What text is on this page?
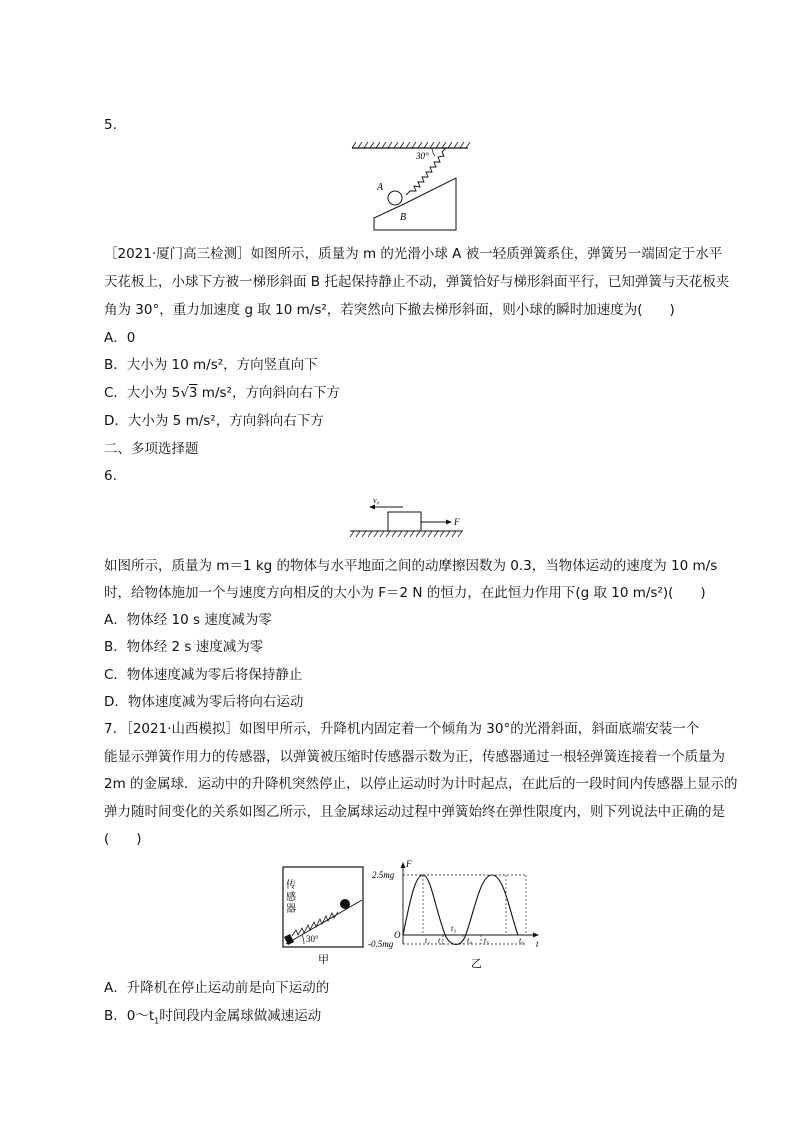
5.
30°
A
B
［2021·厦门高三检测］如图所示，质量为 m 的光滑小球 A 被一轻质弹簧系住，弹簧另一端固定于水平
天花板上，小球下方被一梯形斜面 B 托起保持静止不动，弹簧恰好与梯形斜面平行，已知弹簧与天花板夹
角为 30°，重力加速度 g 取 10 m/s²，若突然向下撤去梯形斜面，则小球的瞬时加速度为(　　)
A．0
B．大小为 10 m/s²，方向竖直向下
C．大小为 5√3 m/s²，方向斜向右下方
D．大小为 5 m/s²，方向斜向右下方
二、多项选择题
6.
v₀
F
如图所示，质量为 m＝1 kg 的物体与水平地面之间的动摩擦因数为 0.3，当物体运动的速度为 10 m/s
时，给物体施加一个与速度方向相反的大小为 F＝2 N 的恒力，在此恒力作用下(g 取 10 m/s²)(　　)
A．物体经 10 s 速度减为零
B．物体经 2 s 速度减为零
C．物体速度减为零后将保持静止
D．物体速度减为零后将向右运动
7．［2021·山西模拟］如图甲所示，升降机内固定着一个倾角为 30°的光滑斜面，斜面底端安装一个
能显示弹簧作用力的传感器，以弹簧被压缩时传感器示数为正，传感器通过一根轻弹簧连接着一个质量为
2m 的金属球．运动中的升降机突然停止，以停止运动时为计时起点，在此后的一段时间内传感器上显示的
弹力随时间变化的关系如图乙所示，且金属球运动过程中弹簧始终在弹性限度内，则下列说法中正确的是
(　　)
30°
传
感
器
甲
F
t
O
2.5mg
-0.5mg	t₁ t₂
t₃
t₄ t₅	t₆
乙
A．升降机在停止运动前是向下运动的
B．$0\sim t_1$时间段内金属球做减速运动
